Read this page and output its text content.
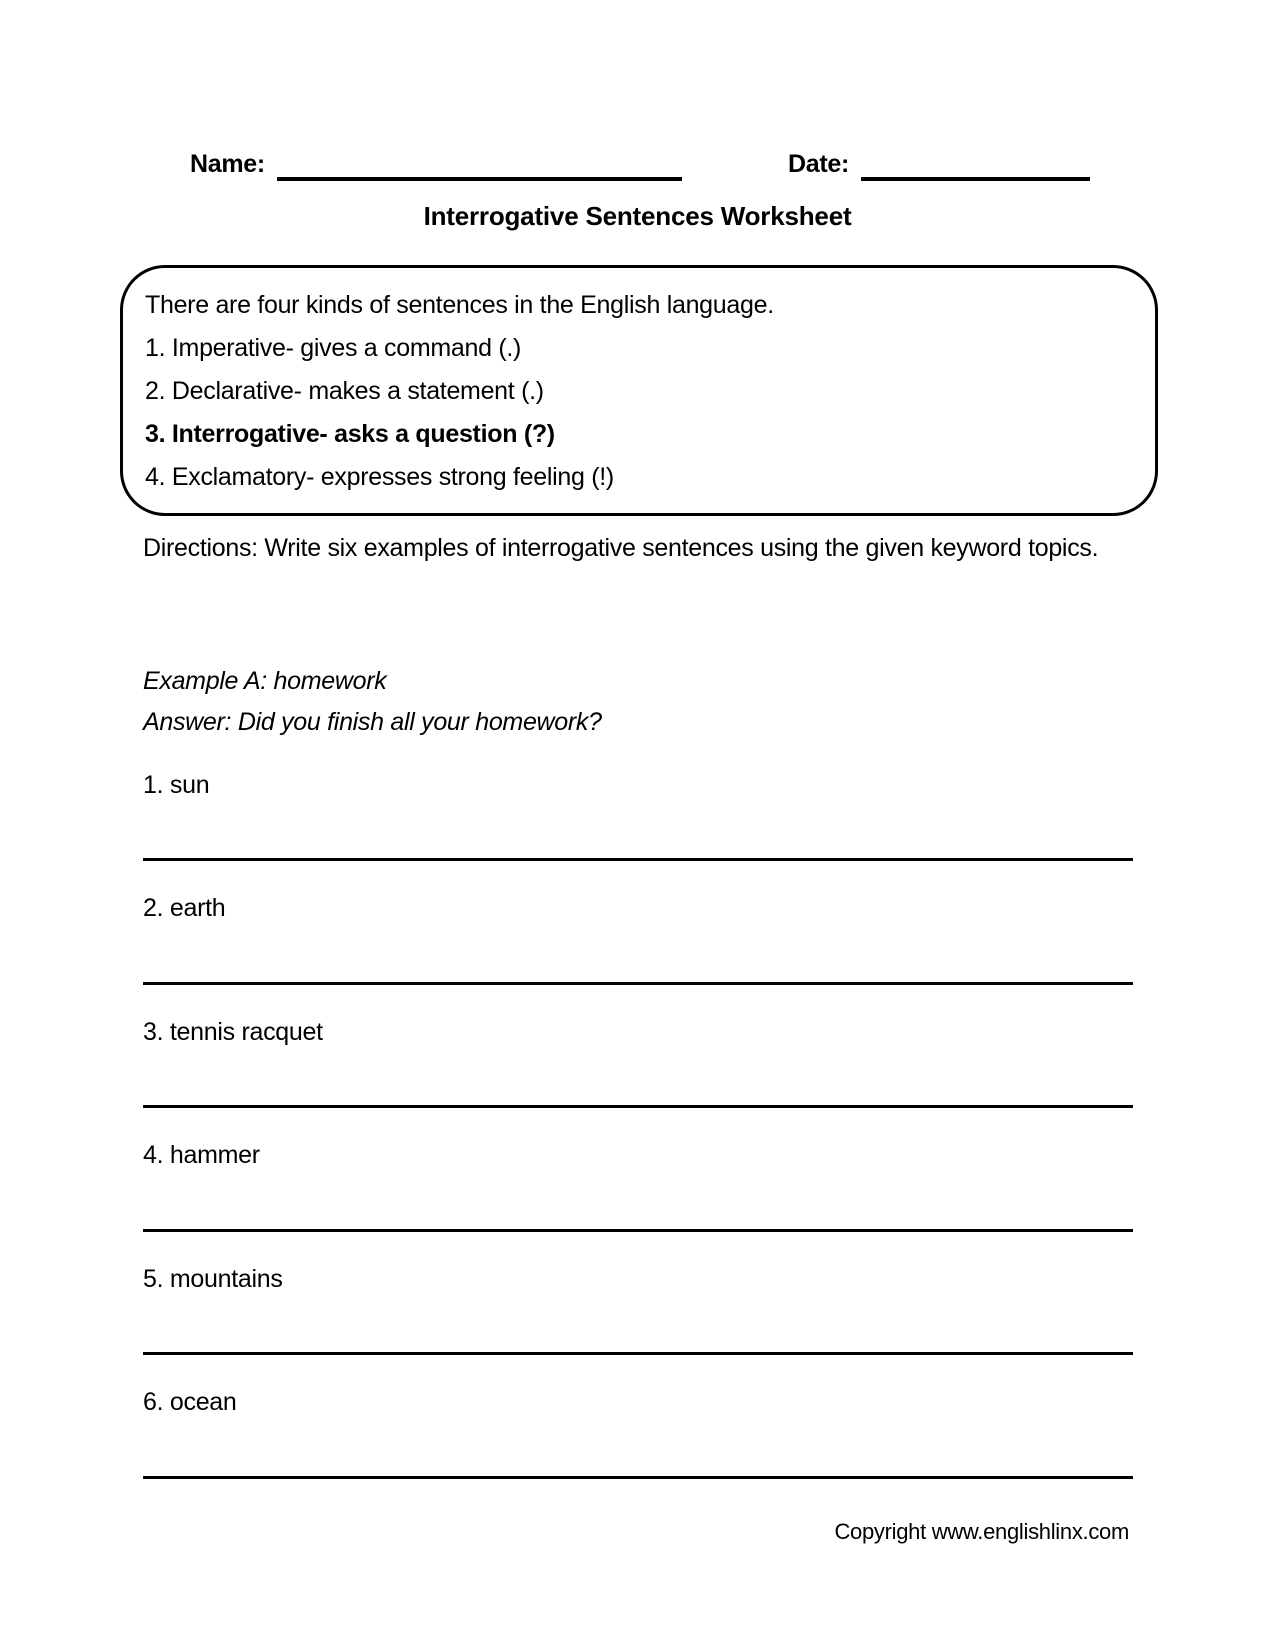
Name:	Date:
Interrogative Sentences Worksheet
There are four kinds of sentences in the English language.
1. Imperative- gives a command (.)
2. Declarative- makes a statement (.)
3. Interrogative- asks a question (?)
4. Exclamatory- expresses strong feeling (!)
Directions: Write six examples of interrogative sentences using the given keyword topics.
Example A: homework
Answer: Did you finish all your homework?
1. sun
2. earth
3. tennis racquet
4. hammer
5. mountains
6. ocean
Copyright www.englishlinx.com
